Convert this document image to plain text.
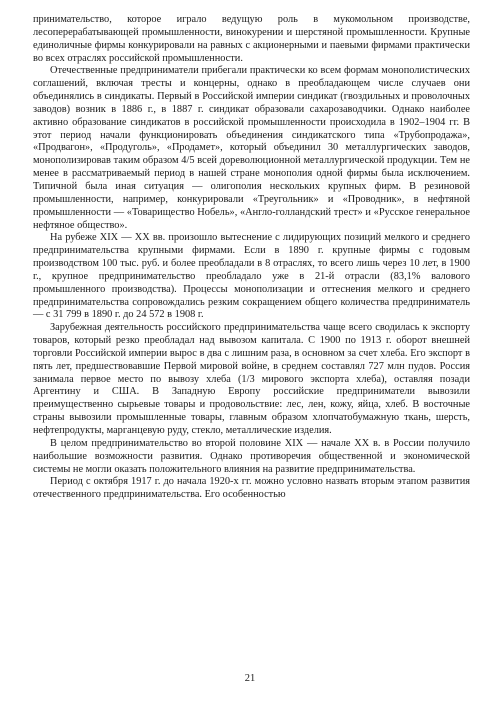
принимательство, которое играло ведущую роль в мукомольном производстве, лесоперерабатывающей промышленности, винокурении и шерстяной промышленности. Крупные единоличные фирмы конкурировали на равных с акционерными и паевыми фирмами практически во всех отраслях российской промышленности.

Отечественные предприниматели прибегали практически ко всем формам монополистических соглашений, включая тресты и концерны, однако в преобладающем числе случаев они объединялись в синдикаты. Первый в Российской империи синдикат (гвоздильных и проволочных заводов) возник в 1886 г., в 1887 г. синдикат образовали сахарозаводчики. Однако наиболее активно образование синдикатов в российской промышленности происходила в 1902–1904 гг. В этот период начали функционировать объединения синдикатского типа «Трубопродажа», «Продвагон», «Продуголь», «Продамет», который объединил 30 металлургических заводов, монополизировав таким образом 4/5 всей дореволюционной металлургической продукции. Тем не менее в рассматриваемый период в нашей стране монополия одной фирмы была исключением. Типичной была иная ситуация — олигополия нескольких крупных фирм. В резиновой промышленности, например, конкурировали «Треугольник» и «Проводник», в нефтяной промышленности — «Товарищество Нобель», «Англо-голландский трест» и «Русское генеральное нефтяное общество».

На рубеже XIX — XX вв. произошло вытеснение с лидирующих позиций мелкого и среднего предпринимательства крупными фирмами. Если в 1890 г. крупные фирмы с годовым производством 100 тыс. руб. и более преобладали в 8 отраслях, то всего лишь через 10 лет, в 1900 г., крупное предпринимательство преобладало уже в 21-й отрасли (83,1% валового промышленного производства). Процессы монополизации и оттеснения мелкого и среднего предпринимательства сопровождались резким сокращением общего количества предприниматель — с 31 799 в 1890 г. до 24 572 в 1908 г.

Зарубежная деятельность российского предпринимательства чаще всего сводилась к экспорту товаров, который резко преобладал над вывозом капитала. С 1900 по 1913 г. оборот внешней торговли Российской империи вырос в два с лишним раза, в основном за счет хлеба. Его экспорт в пять лет, предшествовавшие Первой мировой войне, в среднем составлял 727 млн пудов. Россия занимала первое место по вывозу хлеба (1/3 мирового экспорта хлеба), оставляя позади Аргентину и США. В Западную Европу российские предприниматели вывозили преимущественно сырьевые товары и продовольствие: лес, лен, кожу, яйца, хлеб. В восточные страны вывозили промышленные товары, главным образом хлопчатобумажную ткань, шерсть, нефтепродукты, марганцевую руду, стекло, металлические изделия.

В целом предпринимательство во второй половине XIX — начале XX в. в России получило наибольшие возможности развития. Однако противоречия общественной и экономической системы не могли оказать положительного влияния на развитие предпринимательства.

Период с октября 1917 г. до начала 1920-х гг. можно условно назвать вторым этапом развития отечественного предпринимательства. Его особенностью

21
